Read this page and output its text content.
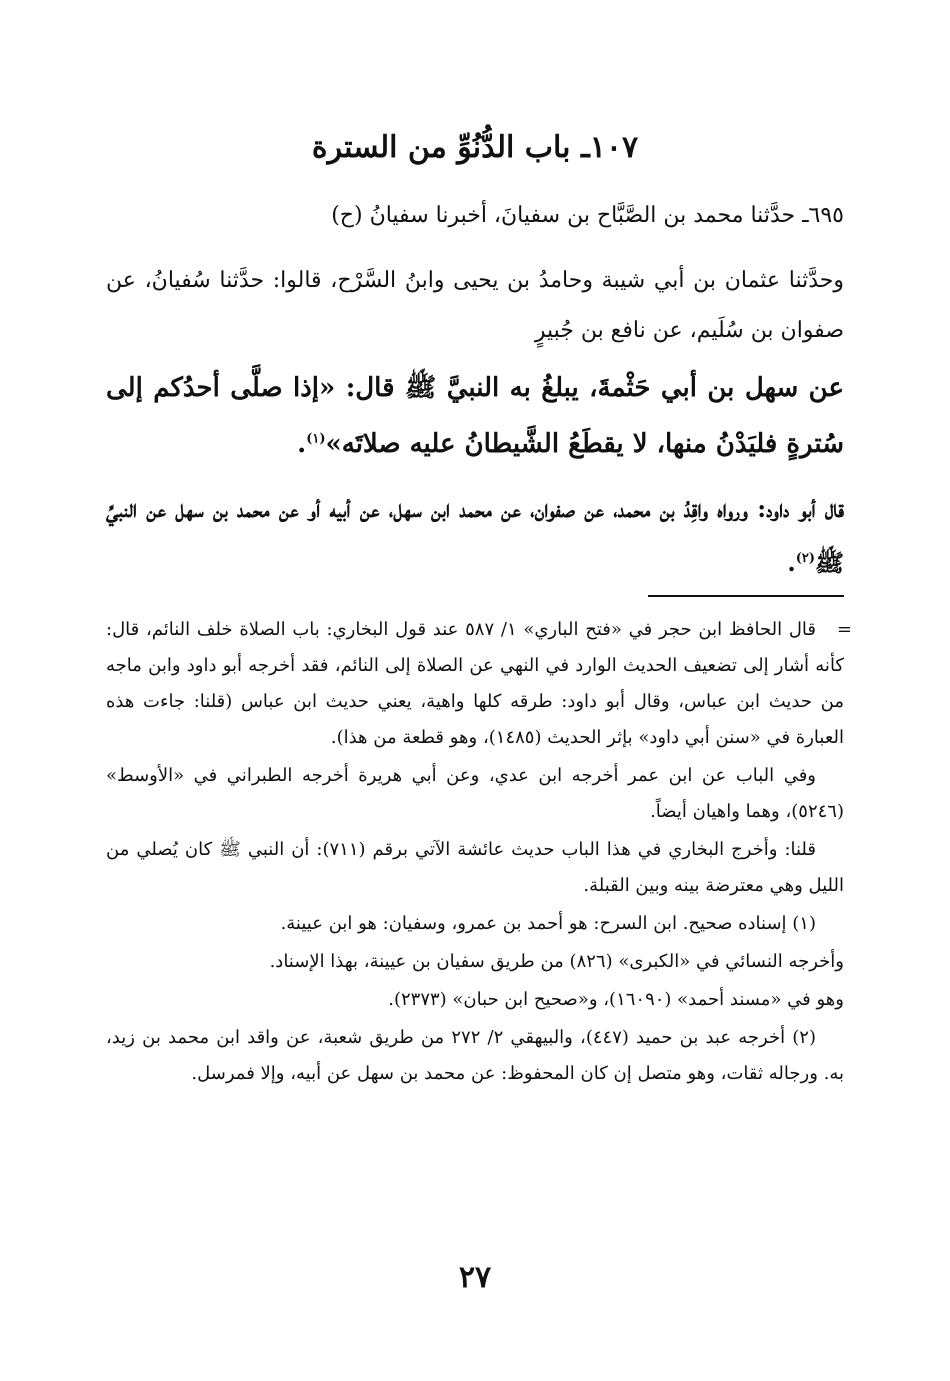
١٠٧ـ باب الدُّنُوِّ من السترة

٦٩٥ـ حدَّثنا محمد بن الصَّبَّاح بن سفيانَ، أخبرنا سفيانُ (ح)

وحدَّثنا عثمان بن أبي شيبة وحامدُ بن يحيى وابنُ السَّرْح، قالوا: حدَّثنا سُفيانُ، عن صفوان بن سُلَيم، عن نافع بن جُبيرٍ

عن سهل بن أبي حَثْمةَ، يبلغُ به النبيَّ ﷺ قال: «إذا صلَّى أحدُكم إلى سُترةٍ فليَدْنُ منها، لا يقطَعُ الشَّيطانُ عليه صلاتَه»$^{(١)}$.

قال أبو داود: ورواه واقِدُ بن محمد، عن صفوان، عن محمد ابن سهل، عن أبيه أو عن محمد بن سهل عن النبيِّ ﷺ$^{(٢)}$.

=
قال الحافظ ابن حجر في «فتح الباري» ١/ ٥٨٧ عند قول البخاري: باب الصلاة خلف النائم، قال: كأنه أشار إلى تضعيف الحديث الوارد في النهي عن الصلاة إلى النائم، فقد أخرجه أبو داود وابن ماجه من حديث ابن عباس، وقال أبو داود: طرقه كلها واهية، يعني حديث ابن عباس (قلنا: جاءت هذه العبارة في «سنن أبي داود» بإثر الحديث (١٤٨٥)، وهو قطعة من هذا).

وفي الباب عن ابن عمر أخرجه ابن عدي، وعن أبي هريرة أخرجه الطبراني في «الأوسط» (٥٢٤٦)، وهما واهيان أيضاً.

قلنا: وأخرج البخاري في هذا الباب حديث عائشة الآتي برقم (٧١١): أن النبي ﷺ كان يُصلي من الليل وهي معترضة بينه وبين القبلة.

(١) إسناده صحيح. ابن السرح: هو أحمد بن عمرو، وسفيان: هو ابن عيينة.

وأخرجه النسائي في «الكبرى» (٨٢٦) من طريق سفيان بن عيينة، بهذا الإسناد.

وهو في «مسند أحمد» (١٦٠٩٠)، و«صحيح ابن حبان» (٢٣٧٣).

(٢) أخرجه عبد بن حميد (٤٤٧)، والبيهقي ٢/ ٢٧٢ من طريق شعبة، عن واقد ابن محمد بن زيد، به. ورجاله ثقات، وهو متصل إن كان المحفوظ: عن محمد بن سهل عن أبيه، وإلا فمرسل.

٢٧
